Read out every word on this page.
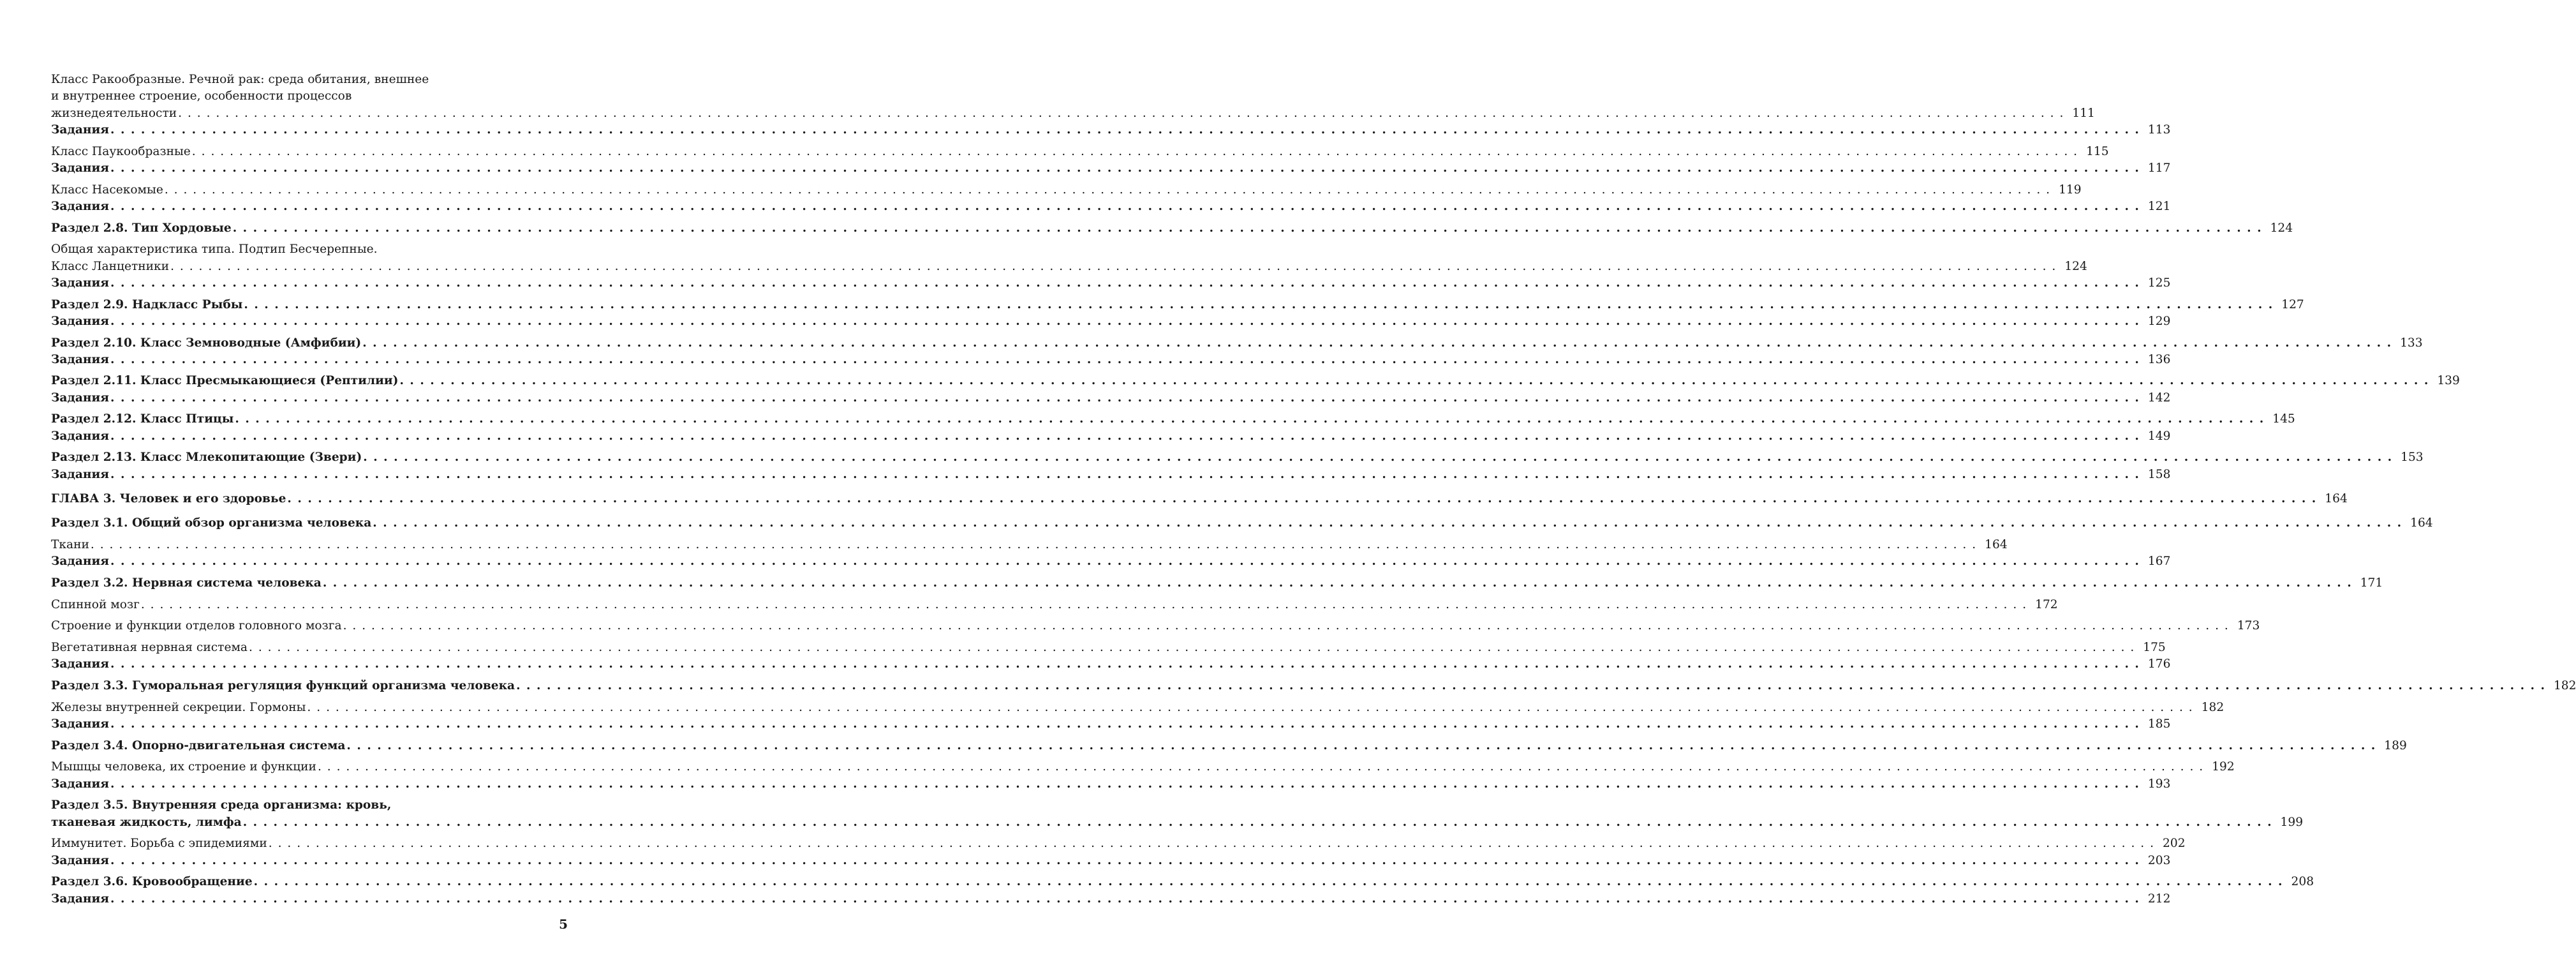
Класс Ракообразные. Речной рак: среда обитания, внешнее
и внутреннее строение, особенности процессов
жизнедеятельности . . . . . . . . . . . . . . . . . . . . . . . . . . . . . . . . . . . . . . . . . . . . . . . . . . . . . . . . . . . . . . . . . . . . . . . . . . . . . . . . . . . . . . . . . . . . . . . . . . . . . . . . . . . . . . . . . . . . . . . . . . . . . . . . . . . . . . . . . . . . . . . . . . . . . . . . . . . . . . . . . . . . . . . . . . . . . . . . . . . . . . . . . . . . . . . . . . . . . . . . 111
Задания . . . . . . . . . . . . . . . . . . . . . . . . . . . . . . . . . . . . . . . . . . . . . . . . . . . . . . . . . . . . . . . . . . . . . . . . . . . . . . . . . . . . . . . . . . . . . . . . . . . . . . . . . . . . . . . . . . . . . . . . . . . . . . . . . . . . . . . . . . . . . . . . . . . . . . . . . . . . . . . . . . . . . . . . . . . . . . . . . . . . . . . . . . . . . . . . . . . . . . . . 113
Класс Паукообразные . . . . . . . . . . . . . . . . . . . . . . . . . . . . . . . . . . . . . . . . . . . . . . . . . . . . . . . . . . . . . . . . . . . . . . . . . . . . . . . . . . . . . . . . . . . . . . . . . . . . . . . . . . . . . . . . . . . . . . . . . . . . . . . . . . . . . . . . . . . . . . . . . . . . . . . . . . . . . . . . . . . . . . . . . . . . . . . . . . . . . . . . . . . . . . . . . . . . . . . . 115
Задания . . . . . . . . . . . . . . . . . . . . . . . . . . . . . . . . . . . . . . . . . . . . . . . . . . . . . . . . . . . . . . . . . . . . . . . . . . . . . . . . . . . . . . . . . . . . . . . . . . . . . . . . . . . . . . . . . . . . . . . . . . . . . . . . . . . . . . . . . . . . . . . . . . . . . . . . . . . . . . . . . . . . . . . . . . . . . . . . . . . . . . . . . . . . . . . . . . . . . . . . 117
Класс Насекомые . . . . . . . . . . . . . . . . . . . . . . . . . . . . . . . . . . . . . . . . . . . . . . . . . . . . . . . . . . . . . . . . . . . . . . . . . . . . . . . . . . . . . . . . . . . . . . . . . . . . . . . . . . . . . . . . . . . . . . . . . . . . . . . . . . . . . . . . . . . . . . . . . . . . . . . . . . . . . . . . . . . . . . . . . . . . . . . . . . . . . . . . . . . . . . . . . . . . . . . . 119
Задания . . . . . . . . . . . . . . . . . . . . . . . . . . . . . . . . . . . . . . . . . . . . . . . . . . . . . . . . . . . . . . . . . . . . . . . . . . . . . . . . . . . . . . . . . . . . . . . . . . . . . . . . . . . . . . . . . . . . . . . . . . . . . . . . . . . . . . . . . . . . . . . . . . . . . . . . . . . . . . . . . . . . . . . . . . . . . . . . . . . . . . . . . . . . . . . . . . . . . . . . 121
Раздел 2.8. Тип Хордовые . . . . . . . . . . . . . . . . . . . . . . . . . . . . . . . . . . . . . . . . . . . . . . . . . . . . . . . . . . . . . . . . . . . . . . . . . . . . . . . . . . . . . . . . . . . . . . . . . . . . . . . . . . . . . . . . . . . . . . . . . . . . . . . . . . . . . . . . . . . . . . . . . . . . . . . . . . . . . . . . . . . . . . . . . . . . . . . . . . . . . . . . . . . . . . . . . . . . . . . . 124
Общая характеристика типа. Подтип Бесчерепные.
Класс Ланцетники . . . . . . . . . . . . . . . . . . . . . . . . . . . . . . . . . . . . . . . . . . . . . . . . . . . . . . . . . . . . . . . . . . . . . . . . . . . . . . . . . . . . . . . . . . . . . . . . . . . . . . . . . . . . . . . . . . . . . . . . . . . . . . . . . . . . . . . . . . . . . . . . . . . . . . . . . . . . . . . . . . . . . . . . . . . . . . . . . . . . . . . . . . . . . . . . . . . . . . . . 124
Задания . . . . . . . . . . . . . . . . . . . . . . . . . . . . . . . . . . . . . . . . . . . . . . . . . . . . . . . . . . . . . . . . . . . . . . . . . . . . . . . . . . . . . . . . . . . . . . . . . . . . . . . . . . . . . . . . . . . . . . . . . . . . . . . . . . . . . . . . . . . . . . . . . . . . . . . . . . . . . . . . . . . . . . . . . . . . . . . . . . . . . . . . . . . . . . . . . . . . . . . . 125
Раздел 2.9. Надкласс Рыбы . . . . . . . . . . . . . . . . . . . . . . . . . . . . . . . . . . . . . . . . . . . . . . . . . . . . . . . . . . . . . . . . . . . . . . . . . . . . . . . . . . . . . . . . . . . . . . . . . . . . . . . . . . . . . . . . . . . . . . . . . . . . . . . . . . . . . . . . . . . . . . . . . . . . . . . . . . . . . . . . . . . . . . . . . . . . . . . . . . . . . . . . . . . . . . . . . . . . . . . . 127
Задания . . . . . . . . . . . . . . . . . . . . . . . . . . . . . . . . . . . . . . . . . . . . . . . . . . . . . . . . . . . . . . . . . . . . . . . . . . . . . . . . . . . . . . . . . . . . . . . . . . . . . . . . . . . . . . . . . . . . . . . . . . . . . . . . . . . . . . . . . . . . . . . . . . . . . . . . . . . . . . . . . . . . . . . . . . . . . . . . . . . . . . . . . . . . . . . . . . . . . . . . 129
Раздел 2.10. Класс Земноводные (Амфибии) . . . . . . . . . . . . . . . . . . . . . . . . . . . . . . . . . . . . . . . . . . . . . . . . . . . . . . . . . . . . . . . . . . . . . . . . . . . . . . . . . . . . . . . . . . . . . . . . . . . . . . . . . . . . . . . . . . . . . . . . . . . . . . . . . . . . . . . . . . . . . . . . . . . . . . . . . . . . . . . . . . . . . . . . . . . . . . . . . . . . . . . . . . . . . . . . . . . . . . . . 133
Задания . . . . . . . . . . . . . . . . . . . . . . . . . . . . . . . . . . . . . . . . . . . . . . . . . . . . . . . . . . . . . . . . . . . . . . . . . . . . . . . . . . . . . . . . . . . . . . . . . . . . . . . . . . . . . . . . . . . . . . . . . . . . . . . . . . . . . . . . . . . . . . . . . . . . . . . . . . . . . . . . . . . . . . . . . . . . . . . . . . . . . . . . . . . . . . . . . . . . . . . . 136
Раздел 2.11. Класс Пресмыкающиеся (Рептилии) . . . . . . . . . . . . . . . . . . . . . . . . . . . . . . . . . . . . . . . . . . . . . . . . . . . . . . . . . . . . . . . . . . . . . . . . . . . . . . . . . . . . . . . . . . . . . . . . . . . . . . . . . . . . . . . . . . . . . . . . . . . . . . . . . . . . . . . . . . . . . . . . . . . . . . . . . . . . . . . . . . . . . . . . . . . . . . . . . . . . . . . . . . . . . . . . . . . . . . . . 139
Задания . . . . . . . . . . . . . . . . . . . . . . . . . . . . . . . . . . . . . . . . . . . . . . . . . . . . . . . . . . . . . . . . . . . . . . . . . . . . . . . . . . . . . . . . . . . . . . . . . . . . . . . . . . . . . . . . . . . . . . . . . . . . . . . . . . . . . . . . . . . . . . . . . . . . . . . . . . . . . . . . . . . . . . . . . . . . . . . . . . . . . . . . . . . . . . . . . . . . . . . . 142
Раздел 2.12. Класс Птицы . . . . . . . . . . . . . . . . . . . . . . . . . . . . . . . . . . . . . . . . . . . . . . . . . . . . . . . . . . . . . . . . . . . . . . . . . . . . . . . . . . . . . . . . . . . . . . . . . . . . . . . . . . . . . . . . . . . . . . . . . . . . . . . . . . . . . . . . . . . . . . . . . . . . . . . . . . . . . . . . . . . . . . . . . . . . . . . . . . . . . . . . . . . . . . . . . . . . . . . . 145
Задания . . . . . . . . . . . . . . . . . . . . . . . . . . . . . . . . . . . . . . . . . . . . . . . . . . . . . . . . . . . . . . . . . . . . . . . . . . . . . . . . . . . . . . . . . . . . . . . . . . . . . . . . . . . . . . . . . . . . . . . . . . . . . . . . . . . . . . . . . . . . . . . . . . . . . . . . . . . . . . . . . . . . . . . . . . . . . . . . . . . . . . . . . . . . . . . . . . . . . . . . 149
Раздел 2.13. Класс Млекопитающие (Звери) . . . . . . . . . . . . . . . . . . . . . . . . . . . . . . . . . . . . . . . . . . . . . . . . . . . . . . . . . . . . . . . . . . . . . . . . . . . . . . . . . . . . . . . . . . . . . . . . . . . . . . . . . . . . . . . . . . . . . . . . . . . . . . . . . . . . . . . . . . . . . . . . . . . . . . . . . . . . . . . . . . . . . . . . . . . . . . . . . . . . . . . . . . . . . . . . . . . . . . . . 153
Задания . . . . . . . . . . . . . . . . . . . . . . . . . . . . . . . . . . . . . . . . . . . . . . . . . . . . . . . . . . . . . . . . . . . . . . . . . . . . . . . . . . . . . . . . . . . . . . . . . . . . . . . . . . . . . . . . . . . . . . . . . . . . . . . . . . . . . . . . . . . . . . . . . . . . . . . . . . . . . . . . . . . . . . . . . . . . . . . . . . . . . . . . . . . . . . . . . . . . . . . . 158
ГЛАВА 3. Человек и его здоровье . . . . . . . . . . . . . . . . . . . . . . . . . . . . . . . . . . . . . . . . . . . . . . . . . . . . . . . . . . . . . . . . . . . . . . . . . . . . . . . . . . . . . . . . . . . . . . . . . . . . . . . . . . . . . . . . . . . . . . . . . . . . . . . . . . . . . . . . . . . . . . . . . . . . . . . . . . . . . . . . . . . . . . . . . . . . . . . . . . . . . . . . . . . . . . . . . . . . . . . . 164
Раздел 3.1. Общий обзор организма человека . . . . . . . . . . . . . . . . . . . . . . . . . . . . . . . . . . . . . . . . . . . . . . . . . . . . . . . . . . . . . . . . . . . . . . . . . . . . . . . . . . . . . . . . . . . . . . . . . . . . . . . . . . . . . . . . . . . . . . . . . . . . . . . . . . . . . . . . . . . . . . . . . . . . . . . . . . . . . . . . . . . . . . . . . . . . . . . . . . . . . . . . . . . . . . . . . . . . . . . . 164
Ткани . . . . . . . . . . . . . . . . . . . . . . . . . . . . . . . . . . . . . . . . . . . . . . . . . . . . . . . . . . . . . . . . . . . . . . . . . . . . . . . . . . . . . . . . . . . . . . . . . . . . . . . . . . . . . . . . . . . . . . . . . . . . . . . . . . . . . . . . . . . . . . . . . . . . . . . . . . . . . . . . . . . . . . . . . . . . . . . . . . . . . . . . . . . . . . . . . . . . . . . . 164
Задания . . . . . . . . . . . . . . . . . . . . . . . . . . . . . . . . . . . . . . . . . . . . . . . . . . . . . . . . . . . . . . . . . . . . . . . . . . . . . . . . . . . . . . . . . . . . . . . . . . . . . . . . . . . . . . . . . . . . . . . . . . . . . . . . . . . . . . . . . . . . . . . . . . . . . . . . . . . . . . . . . . . . . . . . . . . . . . . . . . . . . . . . . . . . . . . . . . . . . . . . 167
Раздел 3.2. Нервная система человека . . . . . . . . . . . . . . . . . . . . . . . . . . . . . . . . . . . . . . . . . . . . . . . . . . . . . . . . . . . . . . . . . . . . . . . . . . . . . . . . . . . . . . . . . . . . . . . . . . . . . . . . . . . . . . . . . . . . . . . . . . . . . . . . . . . . . . . . . . . . . . . . . . . . . . . . . . . . . . . . . . . . . . . . . . . . . . . . . . . . . . . . . . . . . . . . . . . . . . . . 171
Спинной мозг . . . . . . . . . . . . . . . . . . . . . . . . . . . . . . . . . . . . . . . . . . . . . . . . . . . . . . . . . . . . . . . . . . . . . . . . . . . . . . . . . . . . . . . . . . . . . . . . . . . . . . . . . . . . . . . . . . . . . . . . . . . . . . . . . . . . . . . . . . . . . . . . . . . . . . . . . . . . . . . . . . . . . . . . . . . . . . . . . . . . . . . . . . . . . . . . . . . . . . . . 172
Строение и функции отделов головного мозга . . . . . . . . . . . . . . . . . . . . . . . . . . . . . . . . . . . . . . . . . . . . . . . . . . . . . . . . . . . . . . . . . . . . . . . . . . . . . . . . . . . . . . . . . . . . . . . . . . . . . . . . . . . . . . . . . . . . . . . . . . . . . . . . . . . . . . . . . . . . . . . . . . . . . . . . . . . . . . . . . . . . . . . . . . . . . . . . . . . . . . . . . . . . . . . . . . . . . . . . 173
Вегетативная нервная система . . . . . . . . . . . . . . . . . . . . . . . . . . . . . . . . . . . . . . . . . . . . . . . . . . . . . . . . . . . . . . . . . . . . . . . . . . . . . . . . . . . . . . . . . . . . . . . . . . . . . . . . . . . . . . . . . . . . . . . . . . . . . . . . . . . . . . . . . . . . . . . . . . . . . . . . . . . . . . . . . . . . . . . . . . . . . . . . . . . . . . . . . . . . . . . . . . . . . . . . 175
Задания . . . . . . . . . . . . . . . . . . . . . . . . . . . . . . . . . . . . . . . . . . . . . . . . . . . . . . . . . . . . . . . . . . . . . . . . . . . . . . . . . . . . . . . . . . . . . . . . . . . . . . . . . . . . . . . . . . . . . . . . . . . . . . . . . . . . . . . . . . . . . . . . . . . . . . . . . . . . . . . . . . . . . . . . . . . . . . . . . . . . . . . . . . . . . . . . . . . . . . . . 176
Раздел 3.3. Гуморальная регуляция функций организма человека . . . . . . . . . . . . . . . . . . . . . . . . . . . . . . . . . . . . . . . . . . . . . . . . . . . . . . . . . . . . . . . . . . . . . . . . . . . . . . . . . . . . . . . . . . . . . . . . . . . . . . . . . . . . . . . . . . . . . . . . . . . . . . . . . . . . . . . . . . . . . . . . . . . . . . . . . . . . . . . . . . . . . . . . . . . . . . . . . . . . . . . . . . . . . . . . . . . . . . . . 182
Железы внутренней секреции. Гормоны . . . . . . . . . . . . . . . . . . . . . . . . . . . . . . . . . . . . . . . . . . . . . . . . . . . . . . . . . . . . . . . . . . . . . . . . . . . . . . . . . . . . . . . . . . . . . . . . . . . . . . . . . . . . . . . . . . . . . . . . . . . . . . . . . . . . . . . . . . . . . . . . . . . . . . . . . . . . . . . . . . . . . . . . . . . . . . . . . . . . . . . . . . . . . . . . . . . . . . . . 182
Задания . . . . . . . . . . . . . . . . . . . . . . . . . . . . . . . . . . . . . . . . . . . . . . . . . . . . . . . . . . . . . . . . . . . . . . . . . . . . . . . . . . . . . . . . . . . . . . . . . . . . . . . . . . . . . . . . . . . . . . . . . . . . . . . . . . . . . . . . . . . . . . . . . . . . . . . . . . . . . . . . . . . . . . . . . . . . . . . . . . . . . . . . . . . . . . . . . . . . . . . . 185
Раздел 3.4. Опорно-двигательная система . . . . . . . . . . . . . . . . . . . . . . . . . . . . . . . . . . . . . . . . . . . . . . . . . . . . . . . . . . . . . . . . . . . . . . . . . . . . . . . . . . . . . . . . . . . . . . . . . . . . . . . . . . . . . . . . . . . . . . . . . . . . . . . . . . . . . . . . . . . . . . . . . . . . . . . . . . . . . . . . . . . . . . . . . . . . . . . . . . . . . . . . . . . . . . . . . . . . . . . . 189
Мышцы человека, их строение и функции . . . . . . . . . . . . . . . . . . . . . . . . . . . . . . . . . . . . . . . . . . . . . . . . . . . . . . . . . . . . . . . . . . . . . . . . . . . . . . . . . . . . . . . . . . . . . . . . . . . . . . . . . . . . . . . . . . . . . . . . . . . . . . . . . . . . . . . . . . . . . . . . . . . . . . . . . . . . . . . . . . . . . . . . . . . . . . . . . . . . . . . . . . . . . . . . . . . . . . . . 192
Задания . . . . . . . . . . . . . . . . . . . . . . . . . . . . . . . . . . . . . . . . . . . . . . . . . . . . . . . . . . . . . . . . . . . . . . . . . . . . . . . . . . . . . . . . . . . . . . . . . . . . . . . . . . . . . . . . . . . . . . . . . . . . . . . . . . . . . . . . . . . . . . . . . . . . . . . . . . . . . . . . . . . . . . . . . . . . . . . . . . . . . . . . . . . . . . . . . . . . . . . . 193
Раздел 3.5. Внутренняя среда организма: кровь,
тканевая жидкость, лимфа . . . . . . . . . . . . . . . . . . . . . . . . . . . . . . . . . . . . . . . . . . . . . . . . . . . . . . . . . . . . . . . . . . . . . . . . . . . . . . . . . . . . . . . . . . . . . . . . . . . . . . . . . . . . . . . . . . . . . . . . . . . . . . . . . . . . . . . . . . . . . . . . . . . . . . . . . . . . . . . . . . . . . . . . . . . . . . . . . . . . . . . . . . . . . . . . . . . . . . . . 199
Иммунитет. Борьба с эпидемиями . . . . . . . . . . . . . . . . . . . . . . . . . . . . . . . . . . . . . . . . . . . . . . . . . . . . . . . . . . . . . . . . . . . . . . . . . . . . . . . . . . . . . . . . . . . . . . . . . . . . . . . . . . . . . . . . . . . . . . . . . . . . . . . . . . . . . . . . . . . . . . . . . . . . . . . . . . . . . . . . . . . . . . . . . . . . . . . . . . . . . . . . . . . . . . . . . . . . . . . . 202
Задания . . . . . . . . . . . . . . . . . . . . . . . . . . . . . . . . . . . . . . . . . . . . . . . . . . . . . . . . . . . . . . . . . . . . . . . . . . . . . . . . . . . . . . . . . . . . . . . . . . . . . . . . . . . . . . . . . . . . . . . . . . . . . . . . . . . . . . . . . . . . . . . . . . . . . . . . . . . . . . . . . . . . . . . . . . . . . . . . . . . . . . . . . . . . . . . . . . . . . . . . 203
Раздел 3.6. Кровообращение . . . . . . . . . . . . . . . . . . . . . . . . . . . . . . . . . . . . . . . . . . . . . . . . . . . . . . . . . . . . . . . . . . . . . . . . . . . . . . . . . . . . . . . . . . . . . . . . . . . . . . . . . . . . . . . . . . . . . . . . . . . . . . . . . . . . . . . . . . . . . . . . . . . . . . . . . . . . . . . . . . . . . . . . . . . . . . . . . . . . . . . . . . . . . . . . . . . . . . . . 208
Задания . . . . . . . . . . . . . . . . . . . . . . . . . . . . . . . . . . . . . . . . . . . . . . . . . . . . . . . . . . . . . . . . . . . . . . . . . . . . . . . . . . . . . . . . . . . . . . . . . . . . . . . . . . . . . . . . . . . . . . . . . . . . . . . . . . . . . . . . . . . . . . . . . . . . . . . . . . . . . . . . . . . . . . . . . . . . . . . . . . . . . . . . . . . . . . . . . . . . . . . . 212
5
